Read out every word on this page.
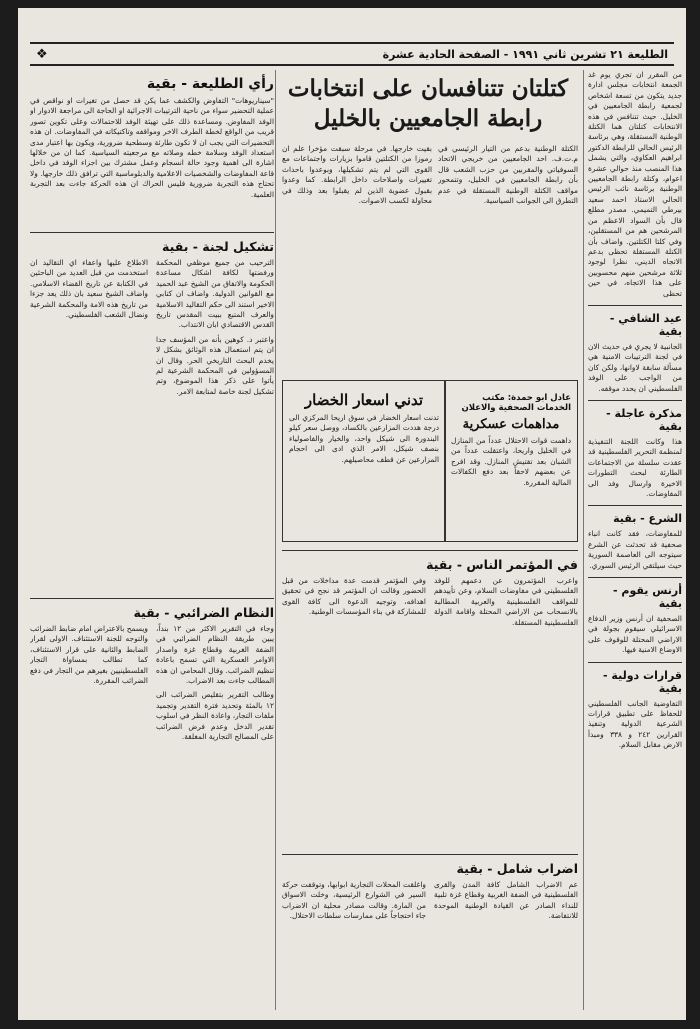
الطليعة ٢١ تشرين ثاني ١٩٩١ - الصفحة الحادية عشرة
❖

من المقرر ان تجري يوم غد الجمعة انتخابات مجلس ادارة جديد يتكون من تسعة اشخاص لجمعية رابطة الجامعيين في الخليل. حيث تتنافس في هذه الانتخابات كتلتان هما الكتلة الوطنية المستقلة، وهي برئاسة الرئيس الحالي للرابطة الدكتور ابراهيم العكاوي، والتي يشمل هذا المنصب منذ حوالي عشرة اعوام، وكتلة رابطة الجامعيين الوطنية برئاسة نائب الرئيس الحالي الاستاذ احمد سعيد بيرطي التميمي. مصدر مطلع قال بأن السواد الاعظم من المرشحين هم من المستقلين، وفي كلتا الكتلتين. واضاف بأن الكتلة المستقلة تحظى بدعم الاتجاه الديني، نظرا لوجود ثلاثة مرشحين منهم محسوبين على هذا الاتجاه، في حين تحظى

عيد الشافي - بقية

الجانبية لا يجري في حديث الان في لجنة الترتيبات الامنية هي مسألة سابقة لاوانها، ولكن كان من الواجب على الوفد الفلسطيني ان يحدد موقفه.

مذكرة عاجلة - بقية

هذا وكانت اللجنة التنفيذية لمنظمة التحرير الفلسطينية قد عقدت سلسلة من الاجتماعات الطارئة لبحث التطورات الاخيرة وارسال وفد الى المفاوضات.

الشرع - بقية

للمفاوضات، فقد كانت انباء صحفية قد تحدثت عن الشرع سيتوجه الى العاصمة السورية حيث سيلتقي الرئيس السوري.

أرنس يقوم - بقية

الصحفية ان أرنس وزير الدفاع الاسرائيلي سيقوم بجولة في الاراضي المحتلة للوقوف على الاوضاع الامنية فيها.

قرارات دولية - بقية

التفاوضية الجانب الفلسطيني للحفاظ على تطبيق قرارات الشرعية الدولية وتنفيذ القرارين ٢٤٢ و ٣٣٨ ومبدأ الارض مقابل السلام.

كتلتان تتنافسان على انتخابات
رابطة الجامعيين بالخليل

الكتلة الوطنية بدعم من التيار الرئيسي في م.ت.ف. احد الجامعيين من خريجي الاتحاد السوفياتي والمقربين من حزب الشعب قال بأن رابطة الجامعيين في الخليل، وتتمحور مواقف الكتلة الوطنية المستقلة في عدم التطرق الى الجوانب السياسية.

بقيت خارجها. في مرحلة سبقت مؤخرا علم ان رموزا من الكتلتين قاموا بزيارات واجتماعات مع القوى التي لم يتم تشكيلها، وبوعدوا باحداث تغييرات واصلاحات داخل الرابطة. كما وعدوا بقبول عضوية الذين لم يقبلوا بعد وذلك في محاولة لكسب الاصوات.

عادل ابو حمدة: مكتب الخدمات الصحفية والاعلان
مداهمات عسكرية

داهمت قوات الاحتلال عدداً من المنازل في الخليل واريحا، واعتقلت عدداً من الشبان بعد تفتيش المنازل. وقد افرج عن بعضهم لاحقاً بعد دفع الكفالات المالية المقررة.

تدني اسعار الخضار

تدنت اسعار الخضار في سوق اريحا المركزي الى درجة هددت المزارعين بالكساد، ووصل سعر كيلو البندورة الى شيكل واحد، والخيار والفاصولياء بنصف شيكل، الامر الذي ادى الى احجام المزارعين عن قطف محاصيلهم.

في المؤتمر الناس - بقية

واعرب المؤتمرون عن دعمهم للوفد الفلسطيني في مفاوضات السلام، وعن تأييدهم للمواقف الفلسطينية والعربية المطالبة بالانسحاب من الاراضي المحتلة واقامة الدولة الفلسطينية المستقلة.

وفي المؤتمر قدمت عدة مداخلات من قبل الحضور وقالت ان المؤتمر قد نجح في تحقيق اهدافه، وتوجيه الدعوة الى كافة القوى للمشاركة في بناء المؤسسات الوطنية.

اضراب شامل - بقية

عم الاضراب الشامل كافة المدن والقرى الفلسطينية في الضفة الغربية وقطاع غزة تلبية للنداء الصادر عن القيادة الوطنية الموحدة للانتفاضة.

واغلقت المحلات التجارية ابوابها، وتوقفت حركة السير في الشوارع الرئيسية، وخلت الاسواق من المارة. وقالت مصادر محلية ان الاضراب جاء احتجاجاً على ممارسات سلطات الاحتلال.

رأي الطليعة - بقية

"سيناريوهات" التفاوض والكشف عما يكن قد حصل من تغيرات او نواقص في عملية التحضير سواء من ناحية الترتيبات الاجرائية او الحاجة الى مراجعة الادوار او الوفد المفاوض. ومساعدة ذلك على تهيئة الوفد للاحتمالات وعلى تكوين تصور قريب من الواقع لخطة الطرف الاخر ومواقفه وتاكتيكاته في المفاوضات. ان هذه التحضيرات التي يجب ان لا تكون طارئة وسطحية ضرورية، ويكون بها اعتبار مدى استعداد الوفد وسلامة خطه وصلاته مع مرجعيته السياسية. كما ان من خلالها اشارة الى اهمية وجود حالة انسجام وعمل مشترك بين اجزاء الوفد في داخل قاعة المفاوضات والشخصيات الاعلامية والدبلوماسية التي ترافق ذلك خارجها. ولا تحتاج هذه التجربة ضرورية فليس الحراك ان هذه الحركة جاءت بعد التجربة العلمية.

تشكيل لجنة - بقية

الترحيب من جميع موظفي المحكمة ورفضتها لكافة اشكال مساعدة الحكومة والاتفاق من الشيخ عبد الحميد مع القوانين الدولية. واضاف ان كتابي الاخير استند الى حكم التقاليد الاسلامية والعرف المتبع ببيت المقدس تاريخ القدس الاقتصادي ابان الانتداب.

واعتبر د. كوهين بأنه من المؤسف جدا ان يتم استعمال هذه الوثائق بشكل لا يخدم البحث التاريخي الحر. وقال ان المسؤولين في المحكمة الشرعية لم يأتوا على ذكر هذا الموضوع، وتم تشكيل لجنة خاصة لمتابعة الامر.

الاطلاع عليها واعفاء اي التقاليد ان استخدمت من قبل العديد من الباحثين في الكتابة عن تاريخ القضاء الاسلامي. واضاف الشيخ سعيد بان ذلك يعد جزءا من تاريخ هذه الامة والمحكمة الشرعية ونضال الشعب الفلسطيني.

النظام الضرائبي - بقية

وجاء في التقرير الاكثر من ١٢ بنداً، يبين طريقة النظام الضرائبي في الضفة الغربية وقطاع غزة واصدار الاوامر العسكرية التي تسمح باعادة تنظيم الضرائب. وقال المحامي ان هذه المطالب جاءت بعد الاضراب.

وطالب التقرير بتقليص الضرائب الى ١٢ بالمئة وتحديد فترة التقدير وتجميد ملفات التجار، واعادة النظر في اسلوب تقدير الدخل وعدم فرض الضرائب على المصالح التجارية المغلقة.

ويسمح بالاعتراض امام ضابط الضرائب والتوجه للجنة الاستئناف. الاولى لقرار الضابط والثانية على قرار الاستئناف، كما تطالب بمساواة التجار الفلسطينيين بغيرهم من التجار في دفع الضرائب المقررة.
